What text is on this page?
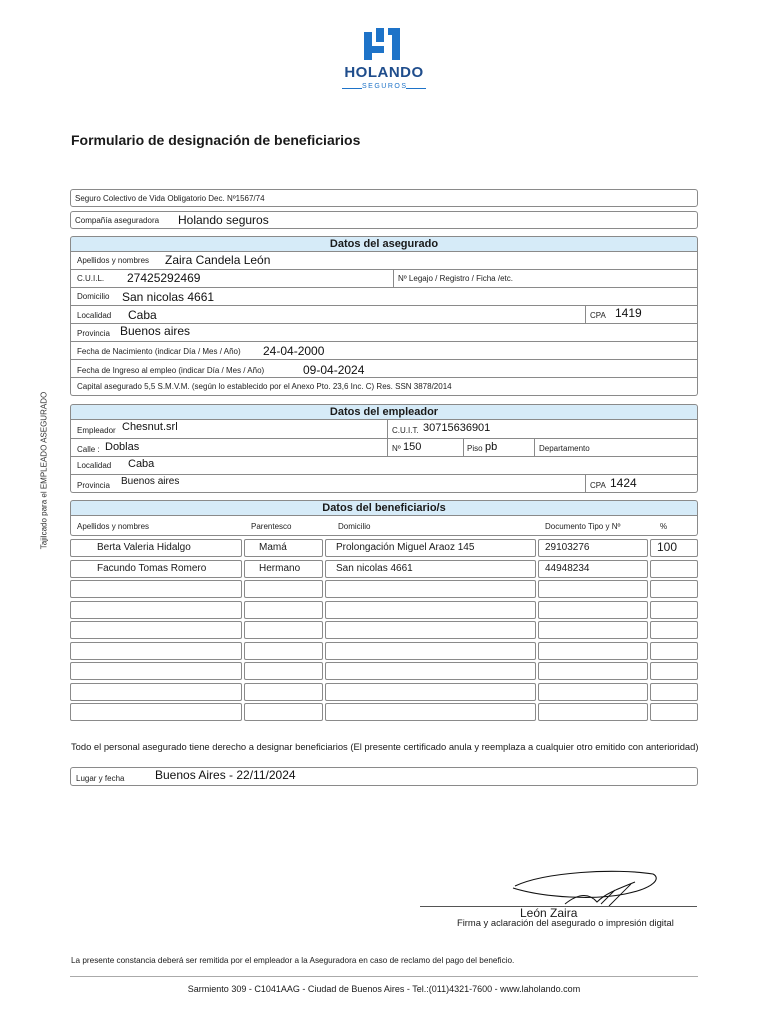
HOLANDO
SEGUROS
Formulario de designación de beneficiarios
Tajilcado para el EMPLEADO ASEGURADO
Seguro Colectivo de Vida Obligatorio Dec. Nº1567/74
Compañía aseguradora Holando seguros
Datos del asegurado
Apellidos y nombres Zaira Candela León
C.U.I.L. 27425292469	Nº Legajo / Registro / Ficha /etc.
Domicilio San nicolas 4661
Localidad Caba	CPA 1419
Provincia Buenos aires
Fecha de Nacimiento (indicar Día / Mes / Año) 24-04-2000
Fecha de Ingreso al empleo (indicar Día / Mes / Año)	09-04-2024
Capital asegurado 5,5 S.M.V.M. (según lo establecido por el Anexo Pto. 23,6 Inc. C) Res. SSN 3878/2014
Datos del empleador
Empleador Chesnut.srl	C.U.I.T. 30715636901
Calle : Doblas	Nº 150	Piso pb	Departamento
Localidad Caba
Provincia Buenos aires	CPA 1424
Datos del beneficiario/s
Apellidos y nombres	Parentesco	Domicilio	Documento Tipo y Nº	%
Berta Valeria Hidalgo	Mamá	Prolongación Miguel Araoz 145	29103276	100
Facundo Tomas Romero	Hermano	San nicolas 4661	44948234
Todo el personal asegurado tiene derecho a designar beneficiarios (El presente certificado anula y reemplaza a cualquier otro emitido con anterioridad)
Lugar y fecha	Buenos Aires - 22/11/2024
León Zaira
Firma y aclaración del asegurado o impresión digital
La presente constancia deberá ser remitida por el empleador a la Aseguradora en caso de reclamo del pago del beneficio.
Sarmiento 309 - C1041AAG - Ciudad de Buenos Aires - Tel.:(011)4321-7600 - www.laholando.com
